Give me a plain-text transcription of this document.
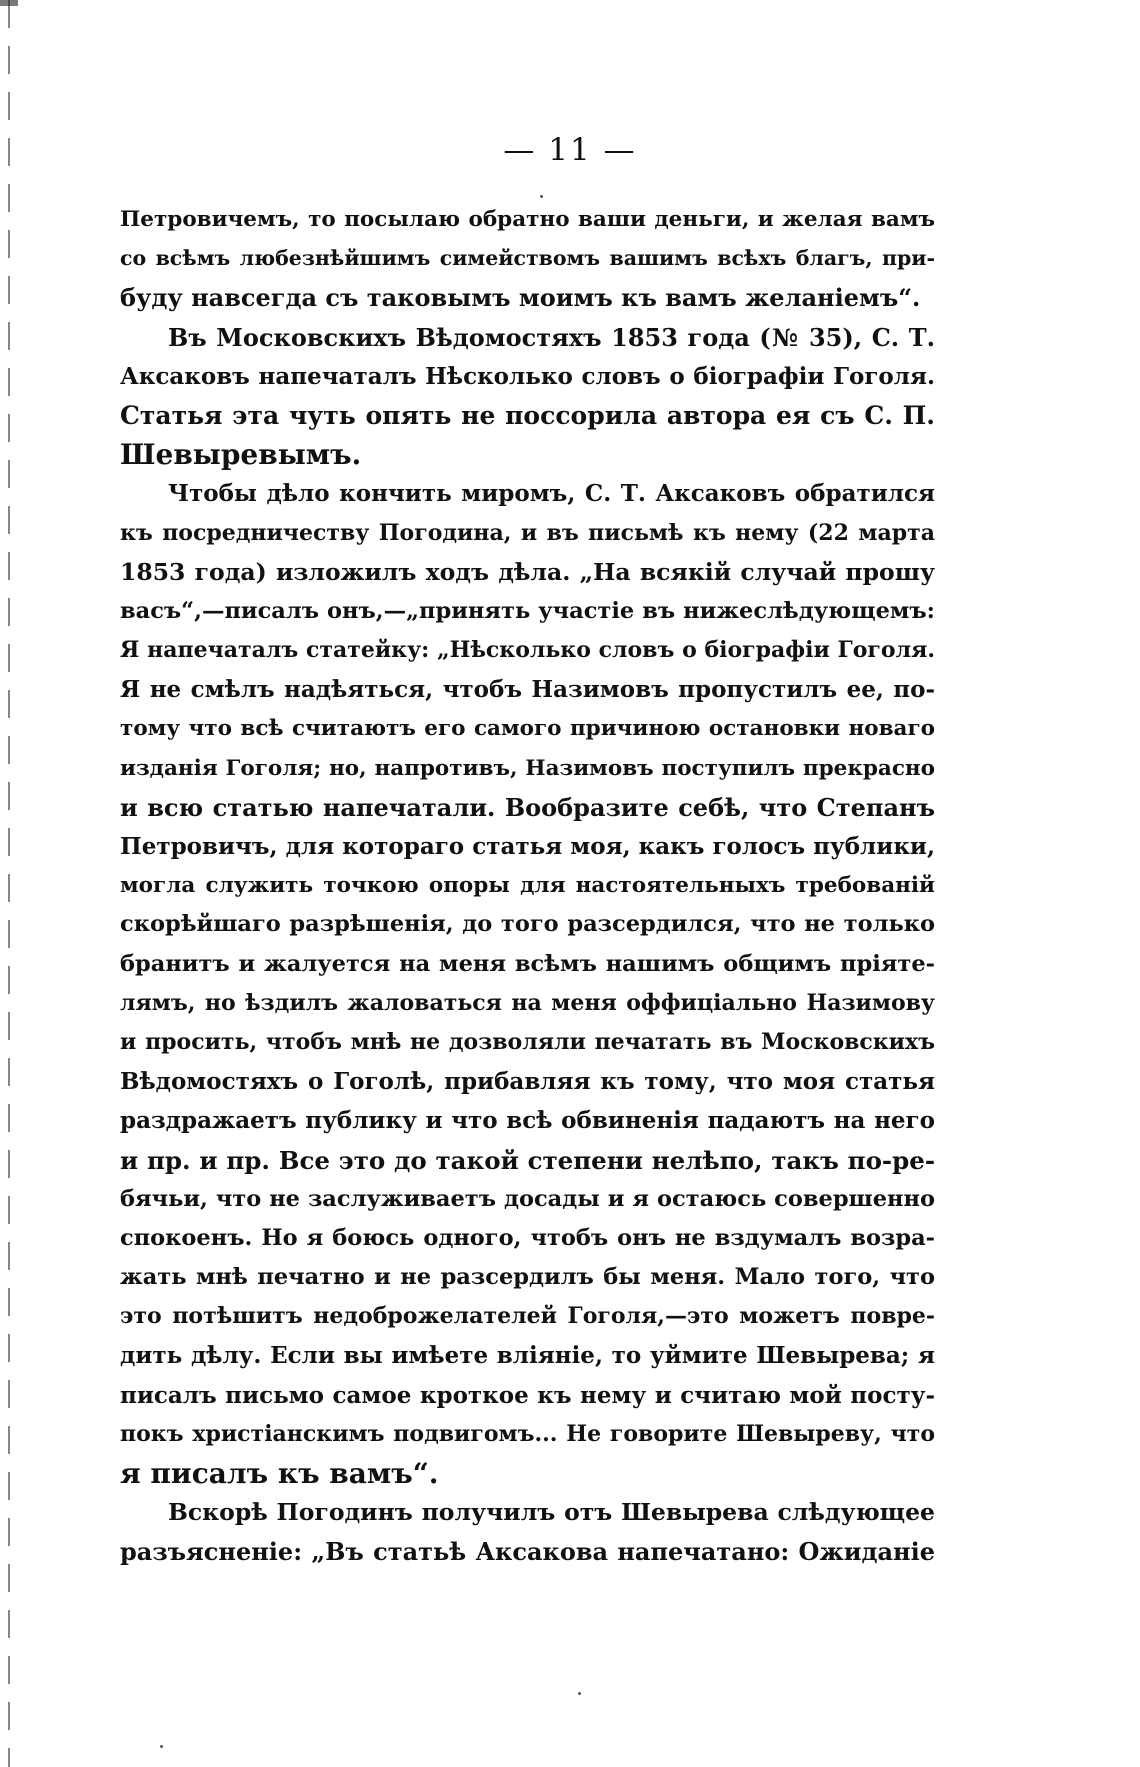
— 11 —
Петровичемъ, то посылаю обратно ваши деньги, и желая вамъ
со всѣмъ любезнѣйшимъ симействомъ вашимъ всѣхъ благъ, при-
буду навсегда съ таковымъ моимъ къ вамъ желаніемъ“.
Въ Московскихъ Вѣдомостяхъ 1853 года (№ 35), С. Т.
Аксаковъ напечаталъ Нѣсколько словъ о біографіи Гоголя.
Статья эта чуть опять не поссорила автора ея съ С. П.
Шевыревымъ.
Чтобы дѣло кончить миромъ, С. Т. Аксаковъ обратился
къ посредничеству Погодина, и въ письмѣ къ нему (22 марта
1853 года) изложилъ ходъ дѣла. „На всякій случай прошу
васъ“,—писалъ онъ,—„принять участіе въ нижеслѣдующемъ:
Я напечаталъ статейку: „Нѣсколько словъ о біографіи Гоголя.
Я не смѣлъ надѣяться, чтобъ Назимовъ пропустилъ ее, по-
тому что всѣ считаютъ его самого причиною остановки новаго
изданія Гоголя; но, напротивъ, Назимовъ поступилъ прекрасно
и всю статью напечатали. Вообразите себѣ, что Степанъ
Петровичъ, для котораго статья моя, какъ голосъ публики,
могла служить точкою опоры для настоятельныхъ требованій
скорѣйшаго разрѣшенія, до того разсердился, что не только
бранитъ и жалуется на меня всѣмъ нашимъ общимъ пріяте-
лямъ, но ѣздилъ жаловаться на меня оффиціально Назимову
и просить, чтобъ мнѣ не дозволяли печатать въ Московскихъ
Вѣдомостяхъ о Гоголѣ, прибавляя къ тому, что моя статья
раздражаетъ публику и что всѣ обвиненія падаютъ на него
и пр. и пр. Все это до такой степени нелѣпо, такъ по-ре-
бячьи, что не заслуживаетъ досады и я остаюсь совершенно
спокоенъ. Но я боюсь одного, чтобъ онъ не вздумалъ возра-
жать мнѣ печатно и не разсердилъ бы меня. Мало того, что
это потѣшитъ недоброжелателей Гоголя,—это можетъ повре-
дить дѣлу. Если вы имѣете вліяніе, то уймите Шевырева; я
писалъ письмо самое кроткое къ нему и считаю мой посту-
покъ христіанскимъ подвигомъ... Не говорите Шевыреву, что
я писалъ къ вамъ“.
Вскорѣ Погодинъ получилъ отъ Шевырева слѣдующее
разъясненіе: „Въ статьѣ Аксакова напечатано: Ожиданіе
